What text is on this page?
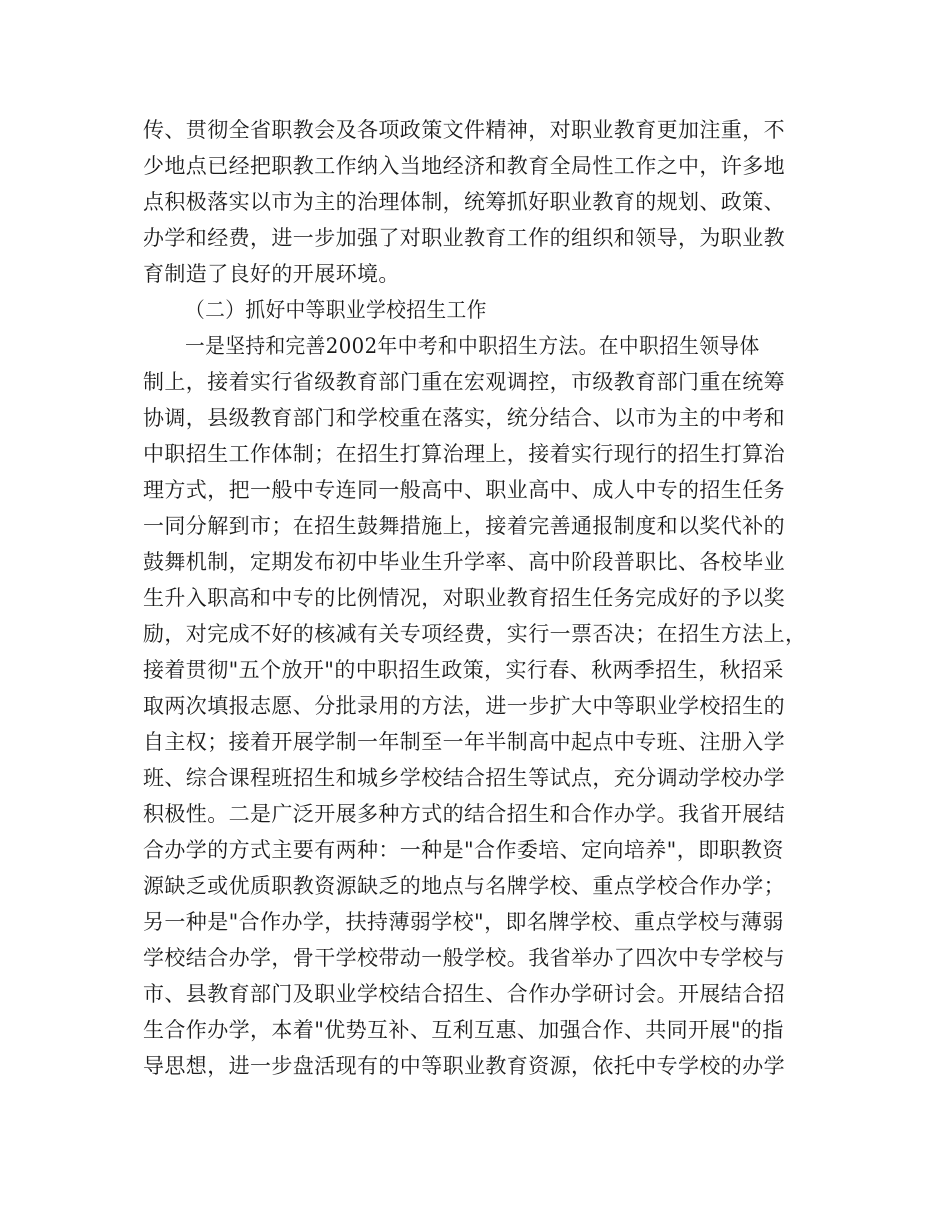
传、贯彻全省职教会及各项政策文件精神，对职业教育更加注重，不
少地点已经把职教工作纳入当地经济和教育全局性工作之中，许多地
点积极落实以市为主的治理体制，统筹抓好职业教育的规划、政策、
办学和经费，进一步加强了对职业教育工作的组织和领导，为职业教
育制造了良好的开展环境。
（二）抓好中等职业学校招生工作
一是坚持和完善2002年中考和中职招生方法。在中职招生领导体
制上，接着实行省级教育部门重在宏观调控，市级教育部门重在统筹
协调，县级教育部门和学校重在落实，统分结合、以市为主的中考和
中职招生工作体制；在招生打算治理上，接着实行现行的招生打算治
理方式，把一般中专连同一般高中、职业高中、成人中专的招生任务
一同分解到市；在招生鼓舞措施上，接着完善通报制度和以奖代补的
鼓舞机制，定期发布初中毕业生升学率、高中阶段普职比、各校毕业
生升入职高和中专的比例情况，对职业教育招生任务完成好的予以奖
励，对完成不好的核减有关专项经费，实行一票否决；在招生方法上，
接着贯彻"五个放开"的中职招生政策，实行春、秋两季招生，秋招采
取两次填报志愿、分批录用的方法，进一步扩大中等职业学校招生的
自主权；接着开展学制一年制至一年半制高中起点中专班、注册入学
班、综合课程班招生和城乡学校结合招生等试点，充分调动学校办学
积极性。二是广泛开展多种方式的结合招生和合作办学。我省开展结
合办学的方式主要有两种：一种是"合作委培、定向培养"，即职教资
源缺乏或优质职教资源缺乏的地点与名牌学校、重点学校合作办学；
另一种是"合作办学，扶持薄弱学校"，即名牌学校、重点学校与薄弱
学校结合办学，骨干学校带动一般学校。我省举办了四次中专学校与
市、县教育部门及职业学校结合招生、合作办学研讨会。开展结合招
生合作办学，本着"优势互补、互利互惠、加强合作、共同开展"的指
导思想，进一步盘活现有的中等职业教育资源，依托中专学校的办学
